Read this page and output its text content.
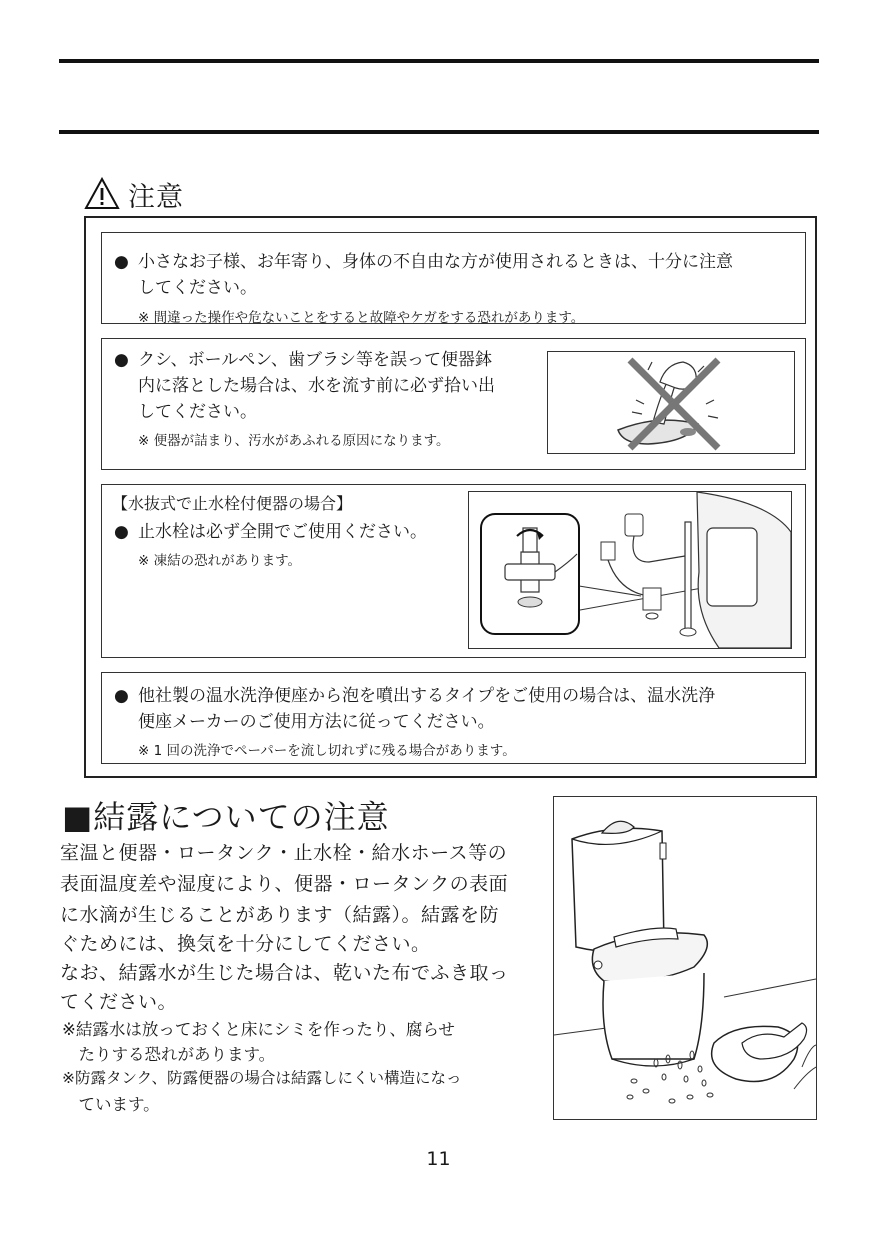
注意
● 小さなお子様、お年寄り、身体の不自由な方が使用されるときは、十分に注意
してください。
※ 間違った操作や危ないことをすると故障やケガをする恐れがあります。
● クシ、ボールペン、歯ブラシ等を誤って便器鉢
内に落とした場合は、水を流す前に必ず拾い出
してください。
※ 便器が詰まり、汚水があふれる原因になります。
【水抜式で止水栓付便器の場合】
● 止水栓は必ず全開でご使用ください。
※ 凍結の恐れがあります。
● 他社製の温水洗浄便座から泡を噴出するタイプをご使用の場合は、温水洗浄
便座メーカーのご使用方法に従ってください。
※ 1 回の洗浄でペーパーを流し切れずに残る場合があります。
■結露についての注意
室温と便器・ロータンク・止水栓・給水ホース等の
表面温度差や湿度により、便器・ロータンクの表面
に水滴が生じることがあります（結露）。結露を防
ぐためには、換気を十分にしてください。
なお、結露水が生じた場合は、乾いた布でふき取っ
てください。
※結露水は放っておくと床にシミを作ったり、腐らせ
　たりする恐れがあります。
※防露タンク、防露便器の場合は結露しにくい構造になっ
　ています。
11
